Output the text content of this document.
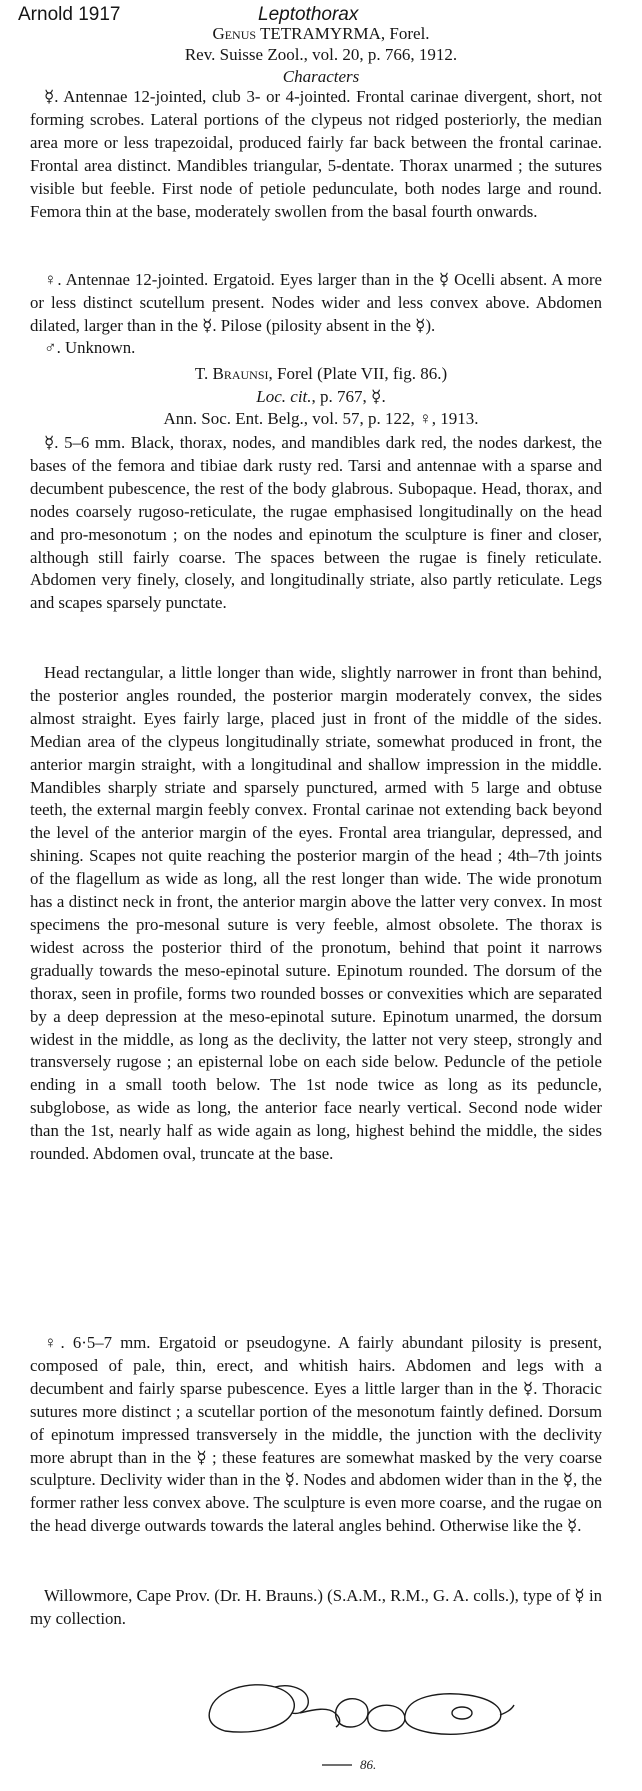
Arnold 1917	Leptothorax
Genus TETRAMYRMA, Forel.
Rev. Suisse Zool., vol. 20, p. 766, 1912.
Characters

☿. Antennae 12-jointed, club 3- or 4-jointed. Frontal carinae divergent, short, not forming scrobes. Lateral portions of the clypeus not ridged posteriorly, the median area more or less trapezoidal, produced fairly far back between the frontal carinae. Frontal area distinct. Mandibles triangular, 5-dentate. Thorax unarmed ; the sutures visible but feeble. First node of petiole pedunculate, both nodes large and round. Femora thin at the base, moderately swollen from the basal fourth onwards.

♀. Antennae 12-jointed. Ergatoid. Eyes larger than in the ☿ Ocelli absent. A more or less distinct scutellum present. Nodes wider and less convex above. Abdomen dilated, larger than in the ☿. Pilose (pilosity absent in the ☿).

♂. Unknown.

T. Braunsi, Forel (Plate VII, fig. 86.)
Loc. cit., p. 767, ☿.
Ann. Soc. Ent. Belg., vol. 57, p. 122, ♀, 1913.

☿. 5–6 mm. Black, thorax, nodes, and mandibles dark red, the nodes darkest, the bases of the femora and tibiae dark rusty red. Tarsi and antennae with a sparse and decumbent pubescence, the rest of the body glabrous. Subopaque. Head, thorax, and nodes coarsely rugoso-reticulate, the rugae emphasised longitudinally on the head and pro-mesonotum ; on the nodes and epinotum the sculpture is finer and closer, although still fairly coarse. The spaces between the rugae is finely reticulate. Abdomen very finely, closely, and longitudinally striate, also partly reticulate. Legs and scapes sparsely punctate.

Head rectangular, a little longer than wide, slightly narrower in front than behind, the posterior angles rounded, the posterior margin moderately convex, the sides almost straight. Eyes fairly large, placed just in front of the middle of the sides. Median area of the clypeus longitudinally striate, somewhat produced in front, the anterior margin straight, with a longitudinal and shallow impression in the middle. Mandibles sharply striate and sparsely punctured, armed with 5 large and obtuse teeth, the external margin feebly convex. Frontal carinae not extending back beyond the level of the anterior margin of the eyes. Frontal area triangular, depressed, and shining. Scapes not quite reaching the posterior margin of the head ; 4th–7th joints of the flagellum as wide as long, all the rest longer than wide. The wide pronotum has a distinct neck in front, the anterior margin above the latter very convex. In most specimens the pro-mesonal suture is very feeble, almost obsolete. The thorax is widest across the posterior third of the pronotum, behind that point it narrows gradually towards the meso-epinotal suture. Epinotum rounded. The dorsum of the thorax, seen in profile, forms two rounded bosses or convexities which are separated by a deep depression at the meso-epinotal suture. Epinotum unarmed, the dorsum widest in the middle, as long as the declivity, the latter not very steep, strongly and transversely rugose ; an episternal lobe on each side below. Peduncle of the petiole ending in a small tooth below. The 1st node twice as long as its peduncle, subglobose, as wide as long, the anterior face nearly vertical. Second node wider than the 1st, nearly half as wide again as long, highest behind the middle, the sides rounded. Abdomen oval, truncate at the base.

♀. 6·5–7 mm. Ergatoid or pseudogyne. A fairly abundant pilosity is present, composed of pale, thin, erect, and whitish hairs. Abdomen and legs with a decumbent and fairly sparse pubescence. Eyes a little larger than in the ☿. Thoracic sutures more distinct ; a scutellar portion of the mesonotum faintly defined. Dorsum of epinotum impressed transversely in the middle, the junction with the declivity more abrupt than in the ☿ ; these features are somewhat masked by the very coarse sculpture. Declivity wider than in the ☿. Nodes and abdomen wider than in the ☿, the former rather less convex above. The sculpture is even more coarse, and the rugae on the head diverge outwards towards the lateral angles behind. Otherwise like the ☿.

Willowmore, Cape Prov. (Dr. H. Brauns.) (S.A.M., R.M., G. A. colls.), type of ☿ in my collection.

86.
